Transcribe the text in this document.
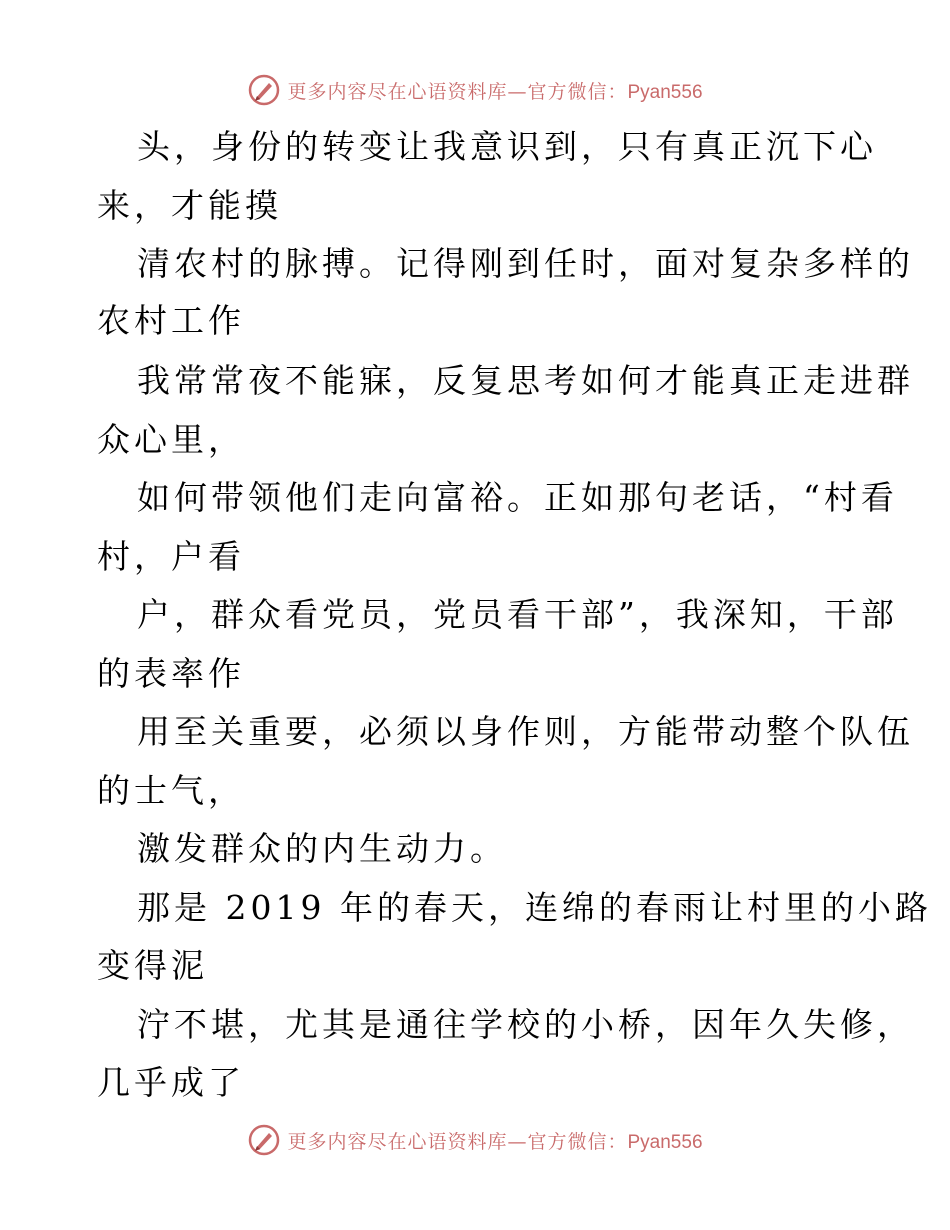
更多内容尽在心语资料库—官方微信：Pyan556
头，身份的转变让我意识到，只有真正沉下心
来，才能摸
清农村的脉搏。记得刚到任时，面对复杂多样的
农村工作
我常常夜不能寐，反复思考如何才能真正走进群
众心里，
如何带领他们走向富裕。正如那句老话，“村看
村，户看
户，群众看党员，党员看干部”，我深知，干部
的表率作
用至关重要，必须以身作则，方能带动整个队伍
的士气，
激发群众的内生动力。
那是 2019 年的春天，连绵的春雨让村里的小路
变得泥
泞不堪，尤其是通往学校的小桥，因年久失修，
几乎成了
更多内容尽在心语资料库—官方微信：Pyan556
